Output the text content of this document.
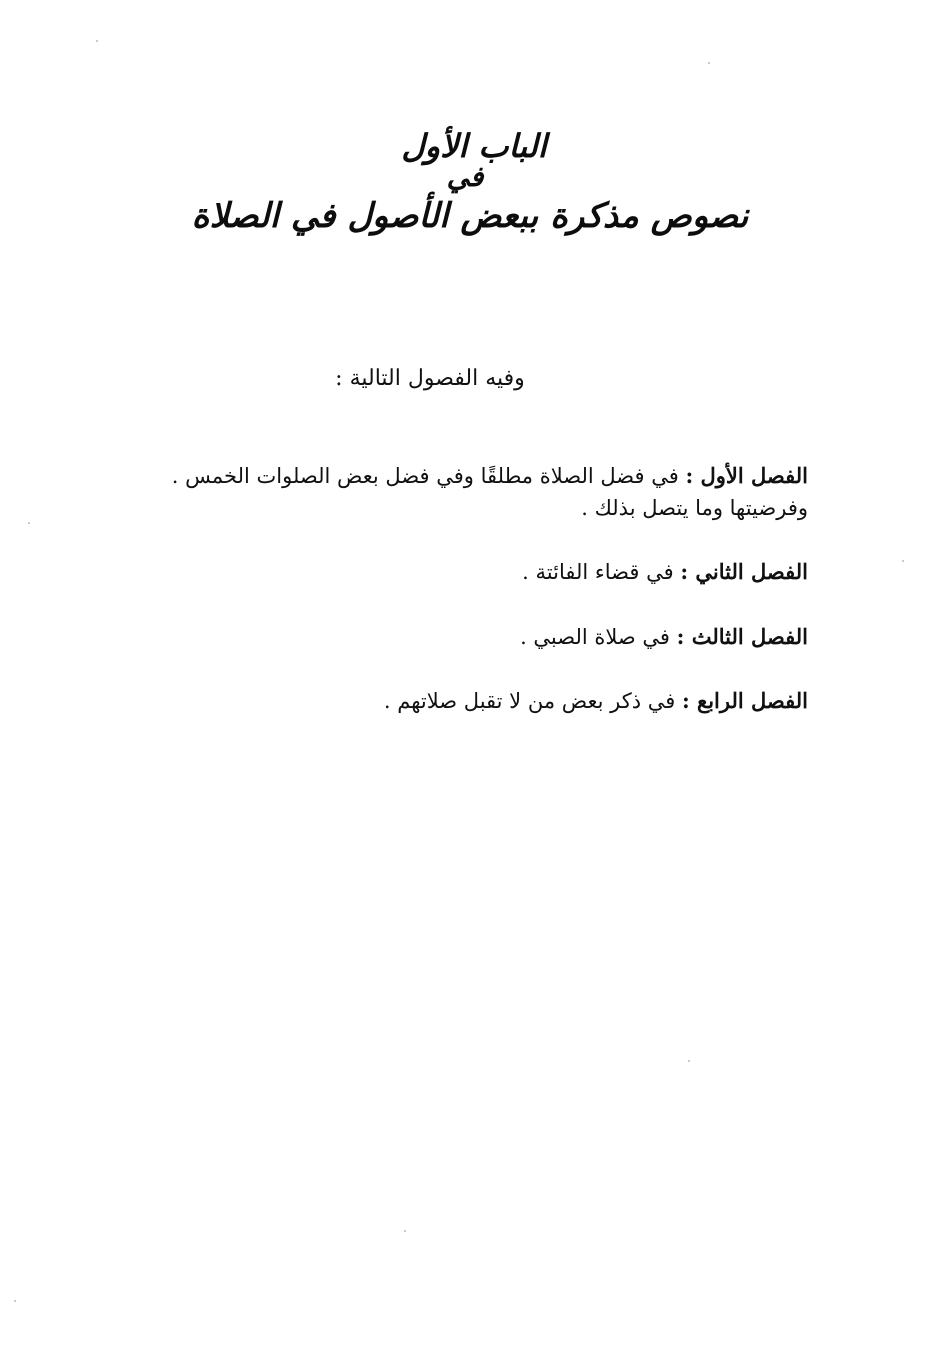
الباب الأول
في
نصوص مذكرة ببعض الأصول في الصلاة
وفيه الفصول التالية :
الفصل الأول : في فضل الصلاة مطلقًا وفي فضل بعض الصلوات الخمس .
وفرضيتها وما يتصل بذلك .
الفصل الثاني : في قضاء الفائتة .
الفصل الثالث : في صلاة الصبي .
الفصل الرابع : في ذكر بعض من لا تقبل صلاتهم .
